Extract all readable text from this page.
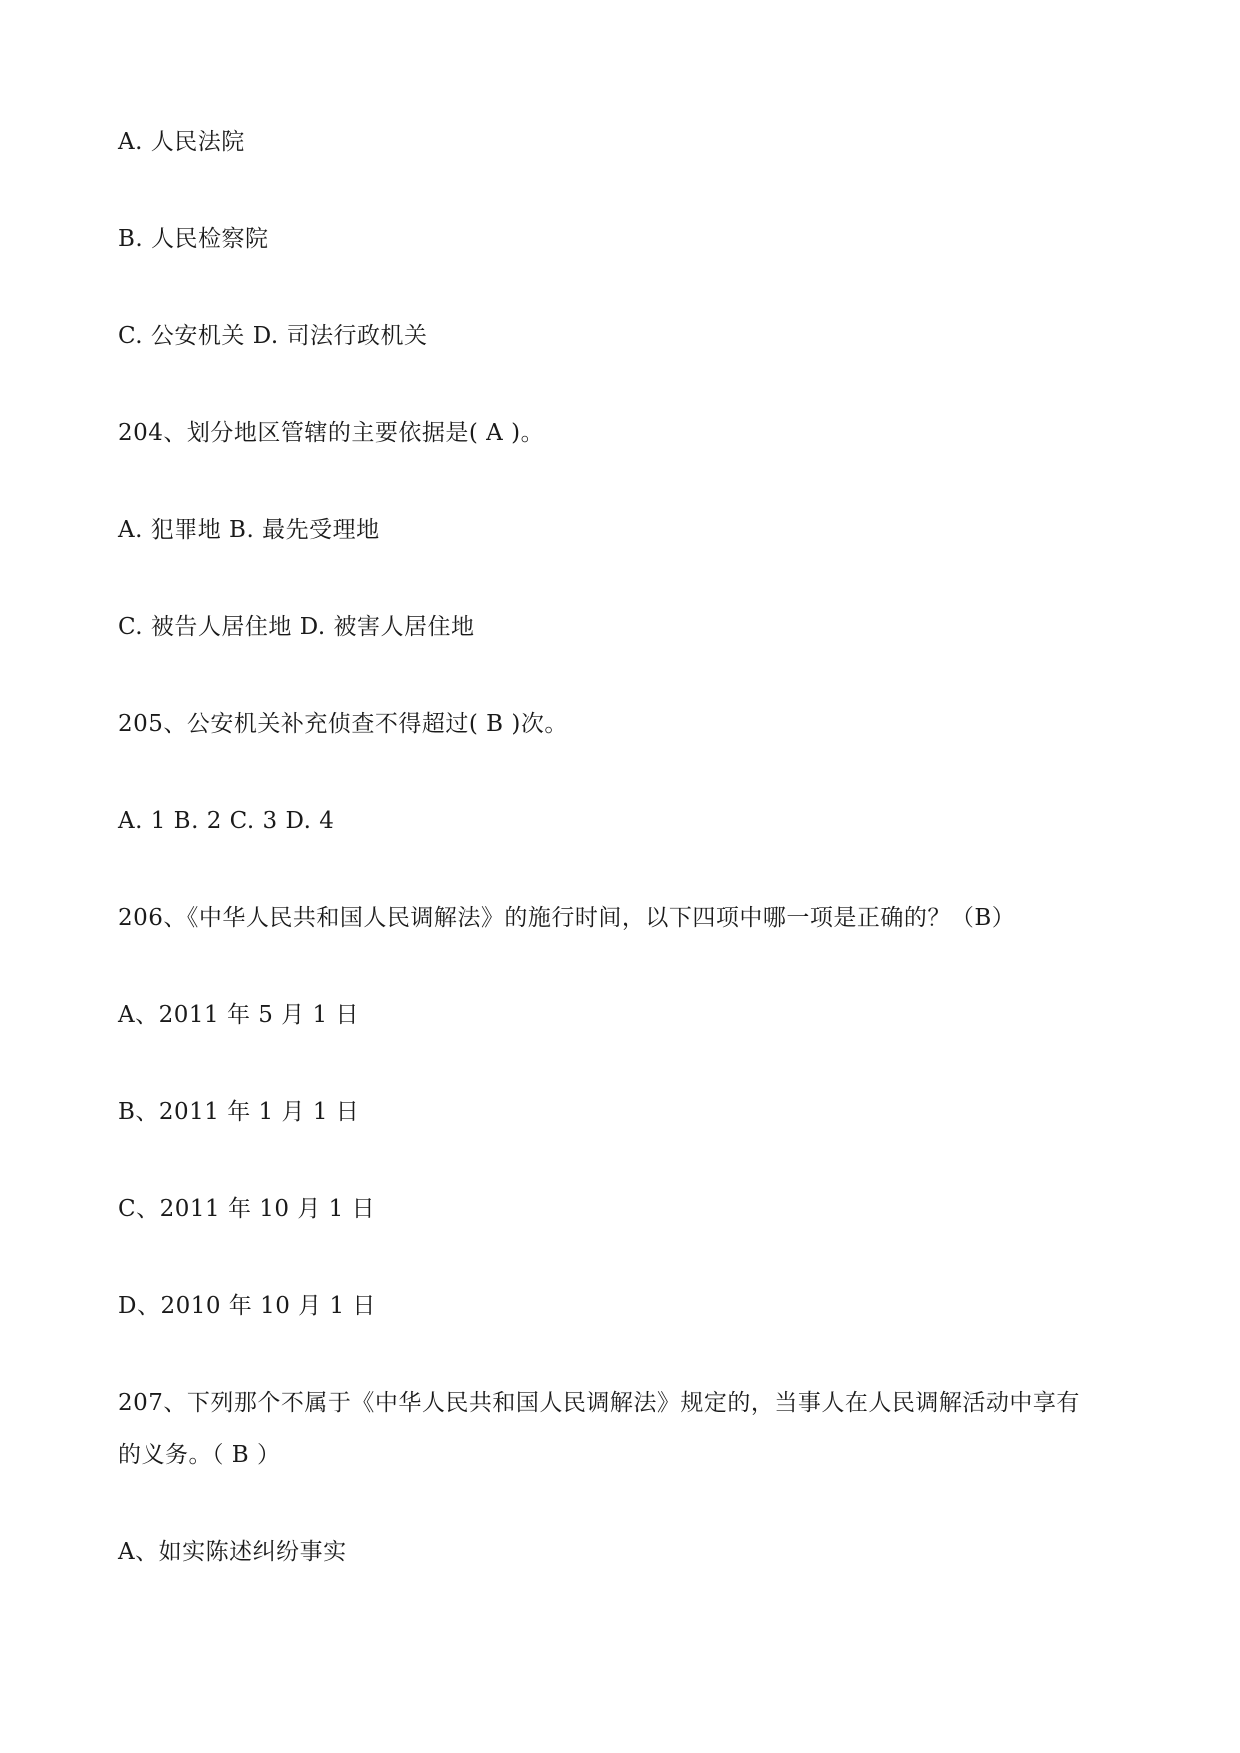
A. 人民法院
B. 人民检察院
C. 公安机关 D. 司法行政机关
204、划分地区管辖的主要依据是( A )。
A. 犯罪地 B. 最先受理地
C. 被告人居住地 D. 被害人居住地
205、公安机关补充侦查不得超过( B )次。
A. 1 B. 2 C. 3 D. 4
206、《中华人民共和国人民调解法》的施行时间，以下四项中哪一项是正确的？（B）
A、2011 年 5 月 1 日
B、2011 年 1 月 1 日
C、2011 年 10 月 1 日
D、2010 年 10 月 1 日
207、下列那个不属于《中华人民共和国人民调解法》规定的，当事人在人民调解活动中享有
的义务。（ B ）
A、如实陈述纠纷事实
